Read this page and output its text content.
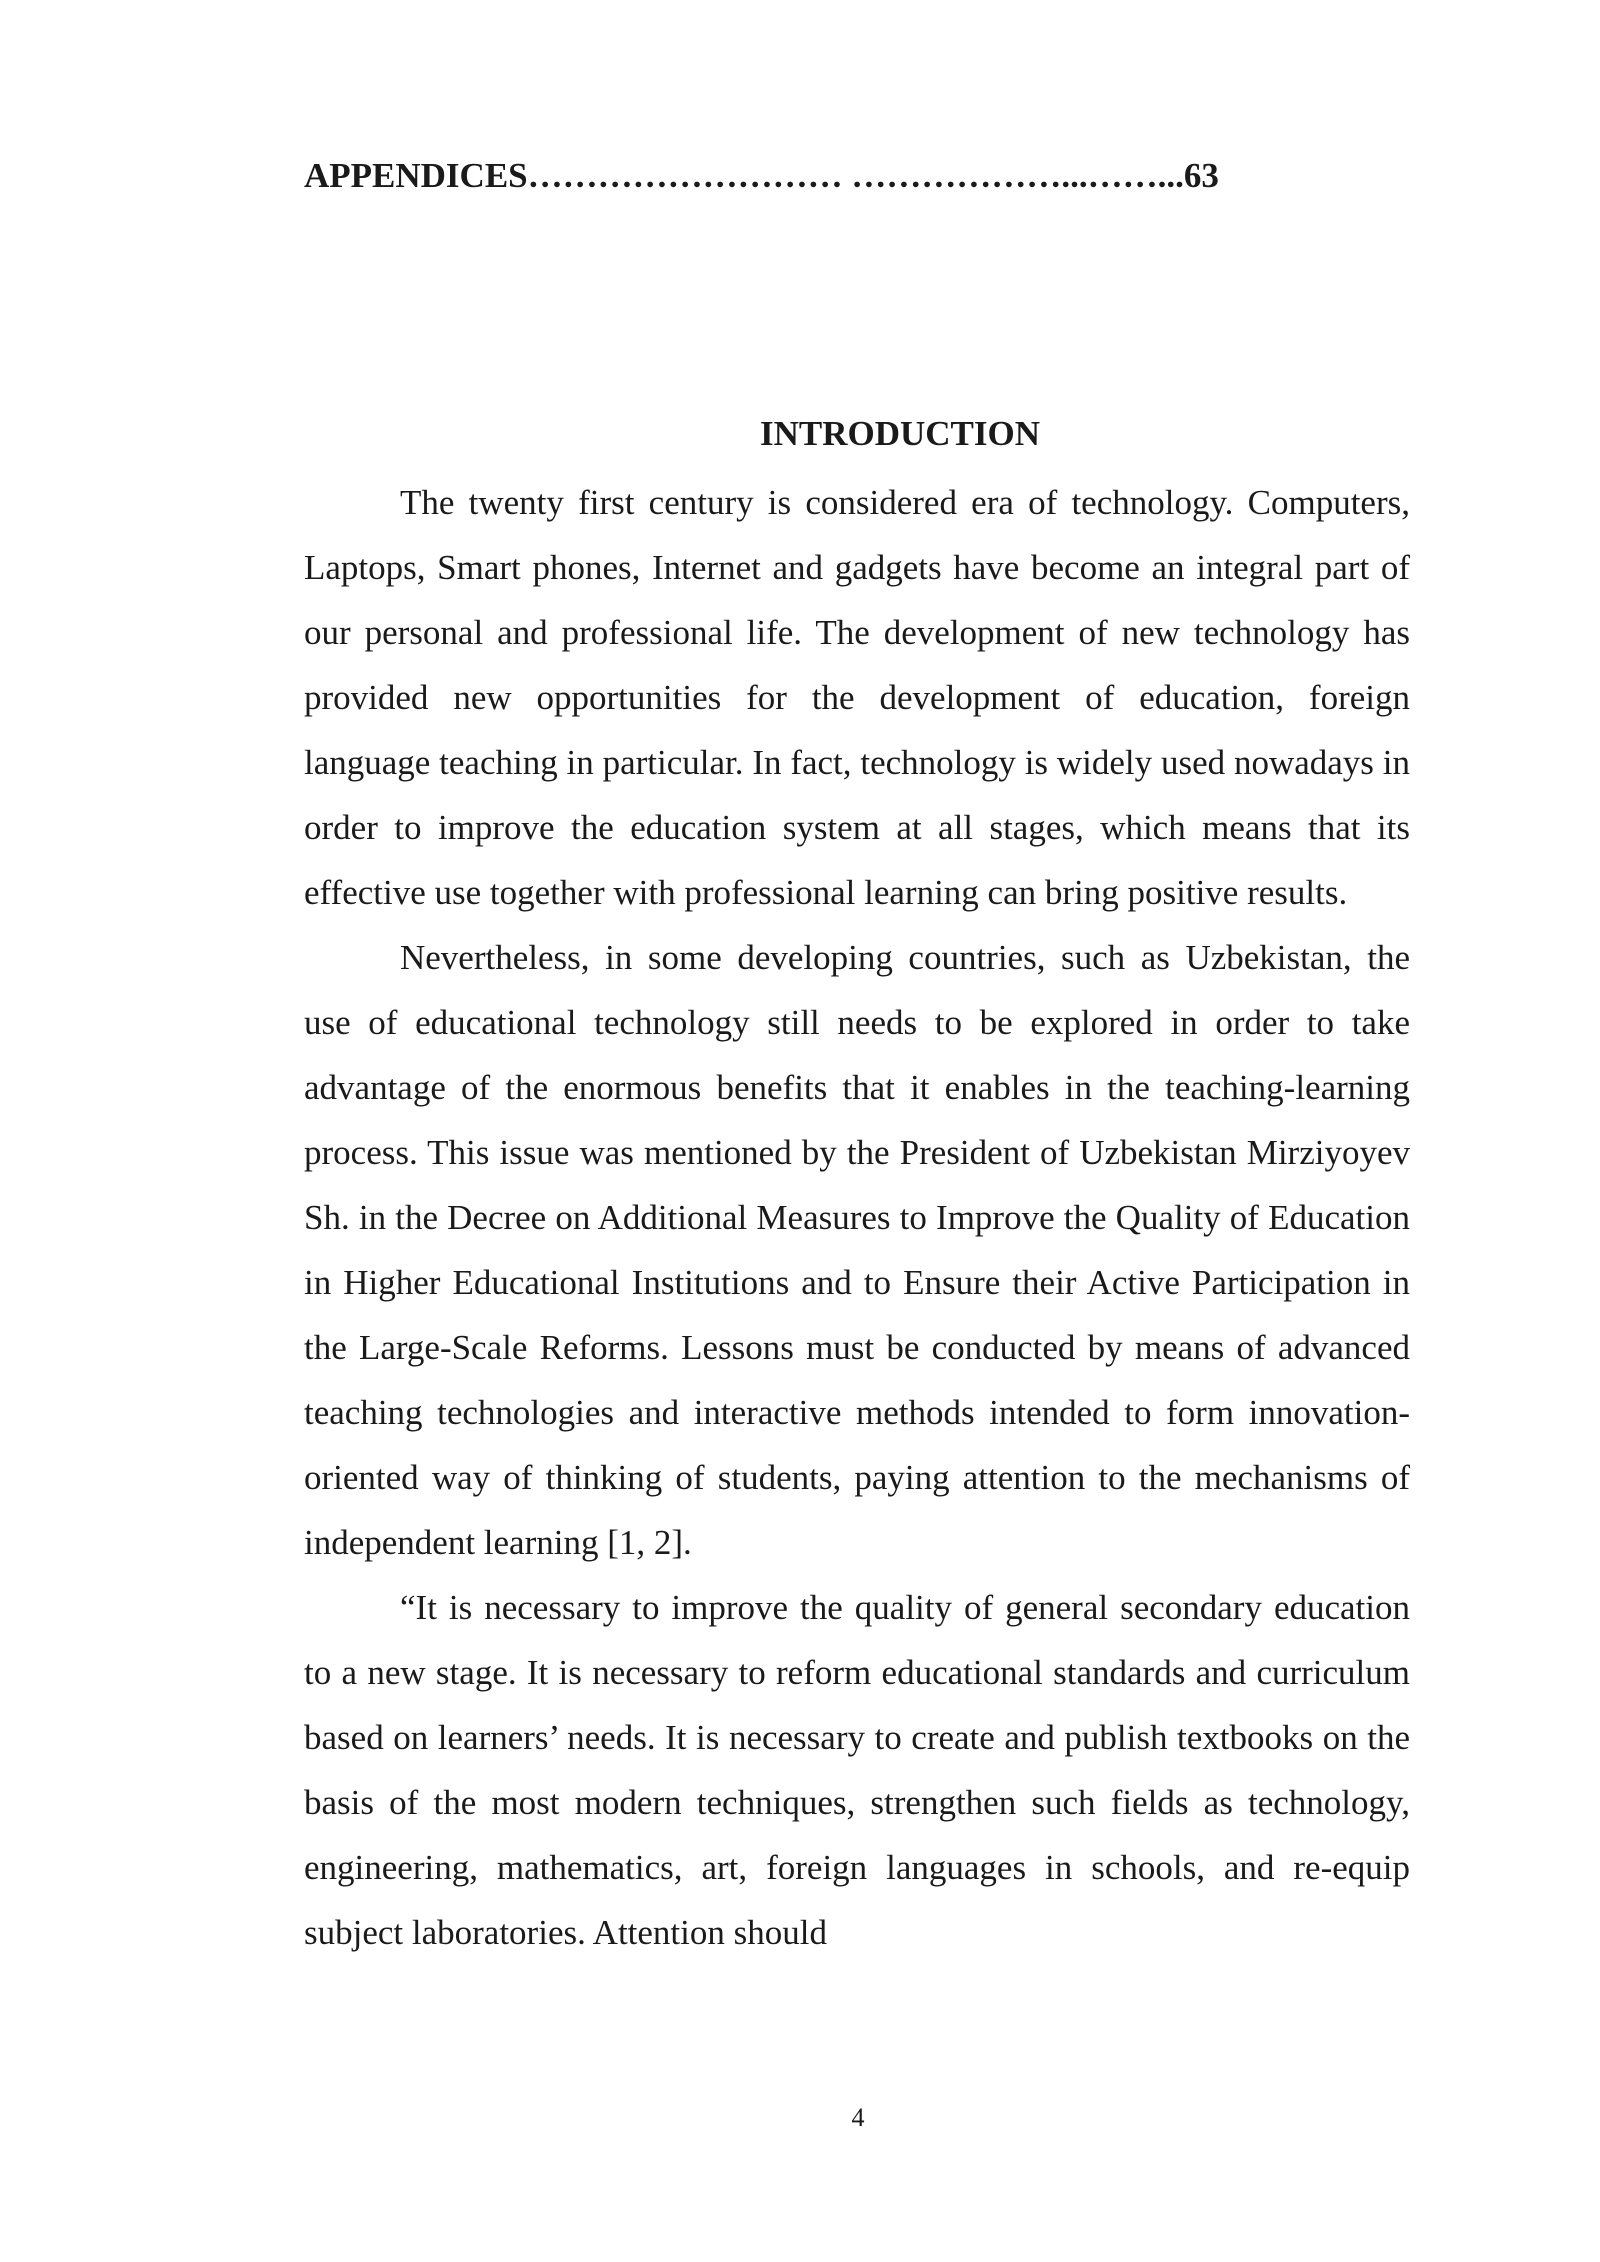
APPENDICES……………………… ………………...……...63
INTRODUCTION

The twenty first century is considered era of technology. Computers, Laptops, Smart phones, Internet and gadgets have become an integral part of our personal and professional life. The development of new technology has provided new opportunities for the development of education, foreign language teaching in particular. In fact, technology is widely used nowadays in order to improve the education system at all stages, which means that its effective use together with professional learning can bring positive results.

Nevertheless, in some developing countries, such as Uzbekistan, the use of educational technology still needs to be explored in order to take advantage of the enormous benefits that it enables in the teaching-learning process. This issue was mentioned by the President of Uzbekistan Mirziyoyev Sh. in the Decree on Additional Measures to Improve the Quality of Education in Higher Educational Institutions and to Ensure their Active Participation in the Large-Scale Reforms. Lessons must be conducted by means of advanced teaching technologies and interactive methods intended to form innovation-oriented way of thinking of students, paying attention to the mechanisms of independent learning [1, 2].

“It is necessary to improve the quality of general secondary education to a new stage. It is necessary to reform educational standards and curriculum based on learners’ needs. It is necessary to create and publish textbooks on the basis of the most modern techniques, strengthen such fields as technology, engineering, mathematics, art, foreign languages in schools, and re-equip subject laboratories. Attention should

4
